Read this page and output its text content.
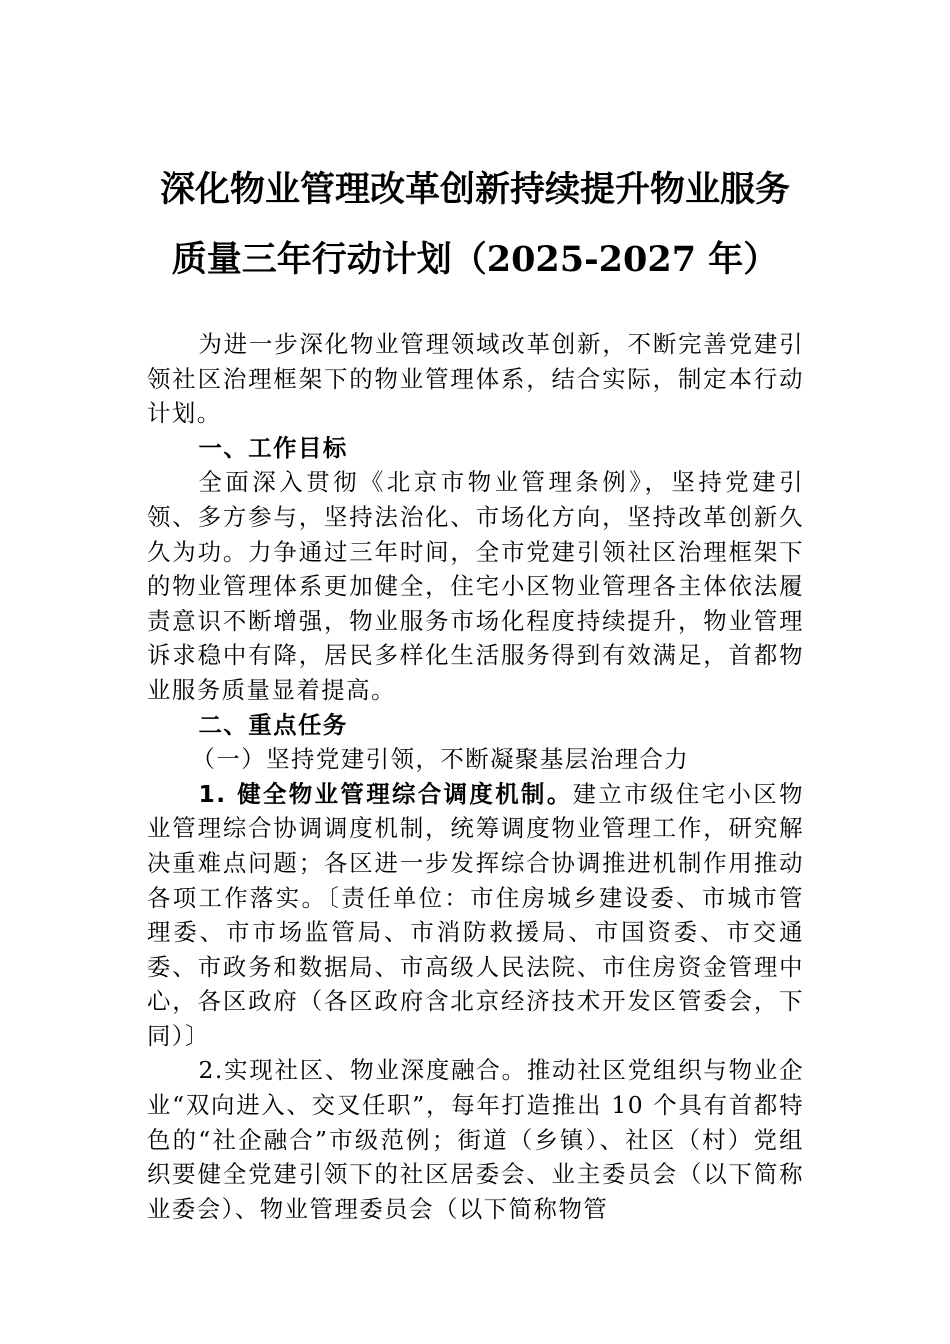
深化物业管理改革创新持续提升物业服务
质量三年行动计划（2025-2027 年）

为进一步深化物业管理领域改革创新，不断完善党建引领社区治理框架下的物业管理体系，结合实际，制定本行动计划。

一、工作目标

全面深入贯彻《北京市物业管理条例》，坚持党建引领、多方参与，坚持法治化、市场化方向，坚持改革创新久久为功。力争通过三年时间，全市党建引领社区治理框架下的物业管理体系更加健全，住宅小区物业管理各主体依法履责意识不断增强，物业服务市场化程度持续提升，物业管理诉求稳中有降，居民多样化生活服务得到有效满足，首都物业服务质量显着提高。

二、重点任务

（一）坚持党建引领，不断凝聚基层治理合力

1. 健全物业管理综合调度机制。建立市级住宅小区物业管理综合协调调度机制，统筹调度物业管理工作，研究解决重难点问题；各区进一步发挥综合协调推进机制作用推动各项工作落实。〔责任单位：市住房城乡建设委、市城市管理委、市市场监管局、市消防救援局、市国资委、市交通委、市政务和数据局、市高级人民法院、市住房资金管理中心，各区政府（各区政府含北京经济技术开发区管委会，下同）〕

2.实现社区、物业深度融合。推动社区党组织与物业企业“双向进入、交叉任职”，每年打造推出 10 个具有首都特色的“社企融合”市级范例；街道（乡镇）、社区（村）党组织要健全党建引领下的社区居委会、业主委员会（以下简称业委会）、物业管理委员会（以下简称物管
